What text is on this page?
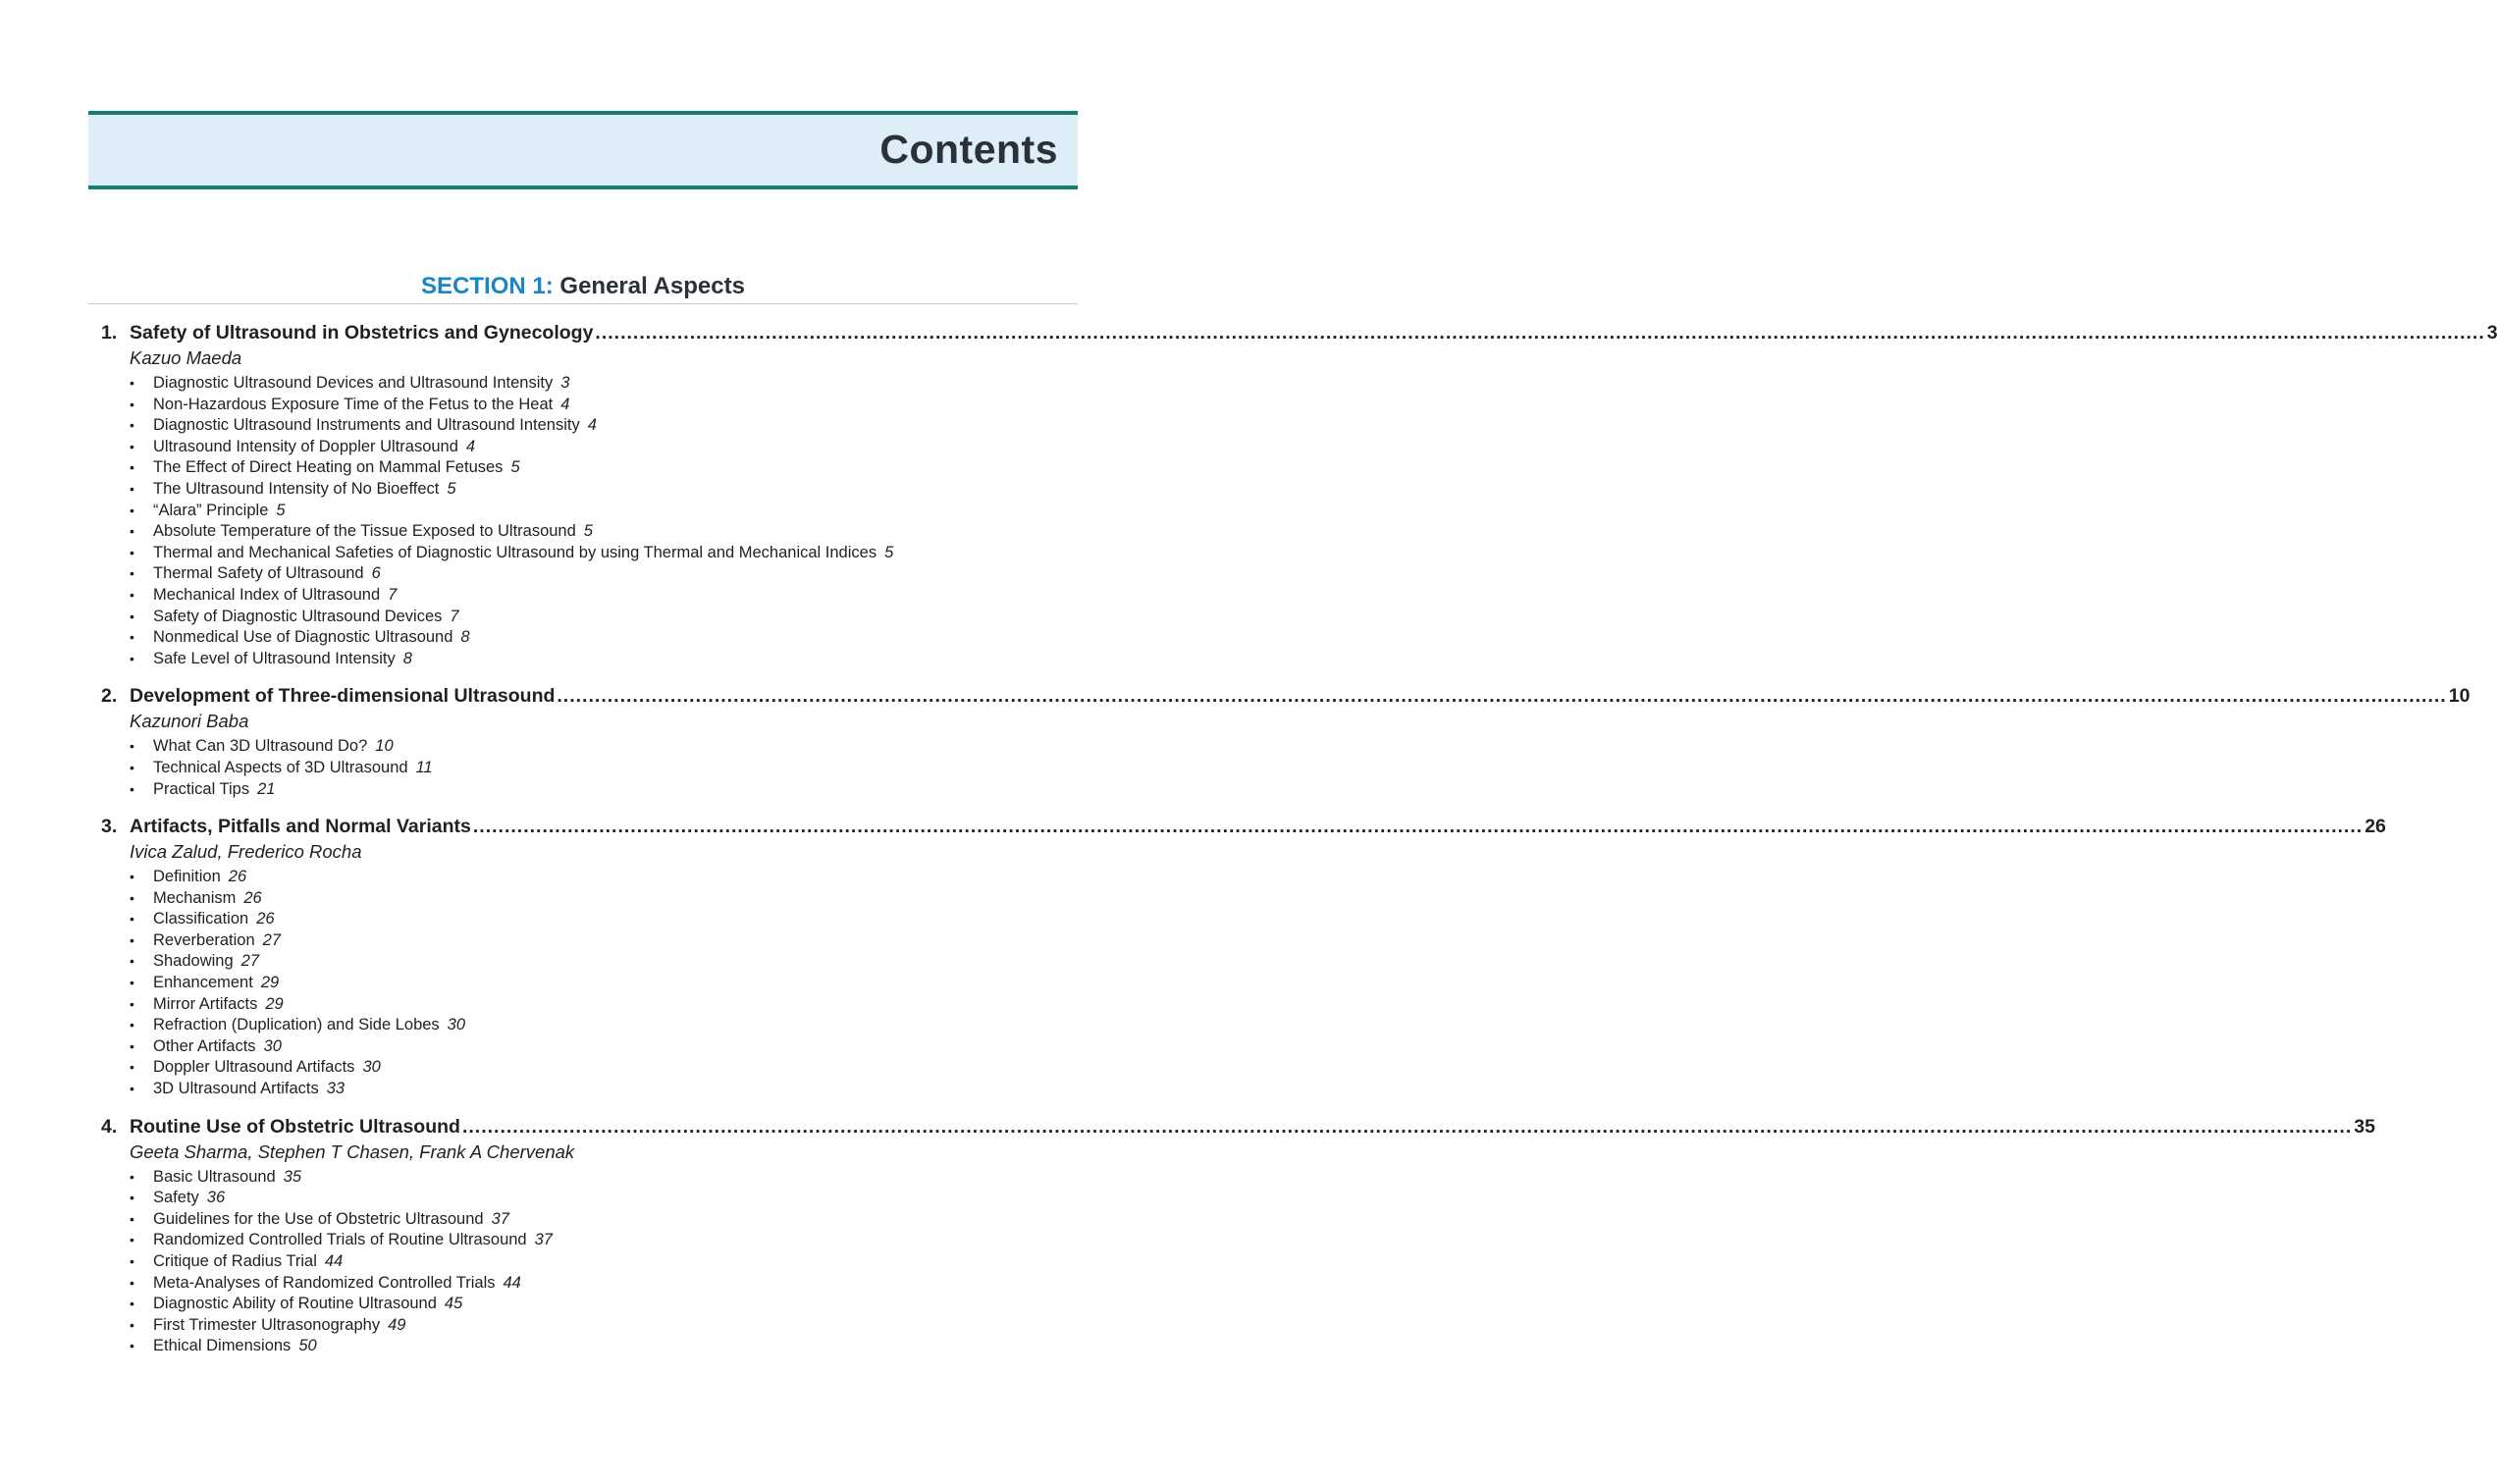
Contents
SECTION 1: General Aspects
1. Safety of Ultrasound in Obstetrics and Gynecology ............................................................................................................................................................................................................................................................................................................ 3
Kazuo Maeda
• Diagnostic Ultrasound Devices and Ultrasound Intensity 3
• Non-Hazardous Exposure Time of the Fetus to the Heat 4
• Diagnostic Ultrasound Instruments and Ultrasound Intensity 4
• Ultrasound Intensity of Doppler Ultrasound 4
• The Effect of Direct Heating on Mammal Fetuses 5
• The Ultrasound Intensity of No Bioeffect 5
• “Alara” Principle 5
• Absolute Temperature of the Tissue Exposed to Ultrasound 5
• Thermal and Mechanical Safeties of Diagnostic Ultrasound by using Thermal and Mechanical Indices 5
• Thermal Safety of Ultrasound 6
• Mechanical Index of Ultrasound 7
• Safety of Diagnostic Ultrasound Devices 7
• Nonmedical Use of Diagnostic Ultrasound 8
• Safe Level of Ultrasound Intensity 8
2. Development of Three-dimensional Ultrasound ............................................................................................................................................................................................................................................................................................................ 10
Kazunori Baba
• What Can 3D Ultrasound Do? 10
• Technical Aspects of 3D Ultrasound 11
• Practical Tips 21
3. Artifacts, Pitfalls and Normal Variants ............................................................................................................................................................................................................................................................................................................ 26
Ivica Zalud, Frederico Rocha
• Definition 26
• Mechanism 26
• Classification 26
• Reverberation 27
• Shadowing 27
• Enhancement 29
• Mirror Artifacts 29
• Refraction (Duplication) and Side Lobes 30
• Other Artifacts 30
• Doppler Ultrasound Artifacts 30
• 3D Ultrasound Artifacts 33
4. Routine Use of Obstetric Ultrasound ............................................................................................................................................................................................................................................................................................................ 35
Geeta Sharma, Stephen T Chasen, Frank A Chervenak
• Basic Ultrasound 35
• Safety 36
• Guidelines for the Use of Obstetric Ultrasound 37
• Randomized Controlled Trials of Routine Ultrasound 37
• Critique of Radius Trial 44
• Meta-Analyses of Randomized Controlled Trials 44
• Diagnostic Ability of Routine Ultrasound 45
• First Trimester Ultrasonography 49
• Ethical Dimensions 50
